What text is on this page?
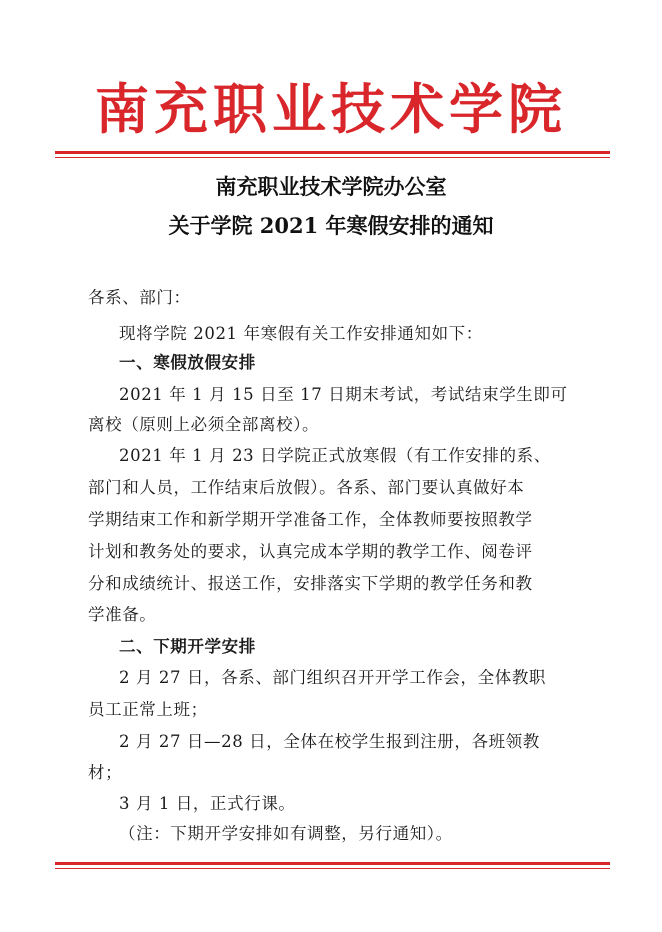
南充职业技术学院
南充职业技术学院办公室
关于学院 2021 年寒假安排的通知
各系、部门：
现将学院 2021 年寒假有关工作安排通知如下：
一、寒假放假安排
2021 年 1 月 15 日至 17 日期末考试，考试结束学生即可
离校（原则上必须全部离校）。
2021 年 1 月 23 日学院正式放寒假（有工作安排的系、
部门和人员，工作结束后放假）。各系、部门要认真做好本
学期结束工作和新学期开学准备工作，全体教师要按照教学
计划和教务处的要求，认真完成本学期的教学工作、阅卷评
分和成绩统计、报送工作，安排落实下学期的教学任务和教
学准备。
二、下期开学安排
2 月 27 日，各系、部门组织召开开学工作会，全体教职
员工正常上班；
2 月 27 日—28 日，全体在校学生报到注册，各班领教
材；
3 月 1 日，正式行课。
（注：下期开学安排如有调整，另行通知）。
